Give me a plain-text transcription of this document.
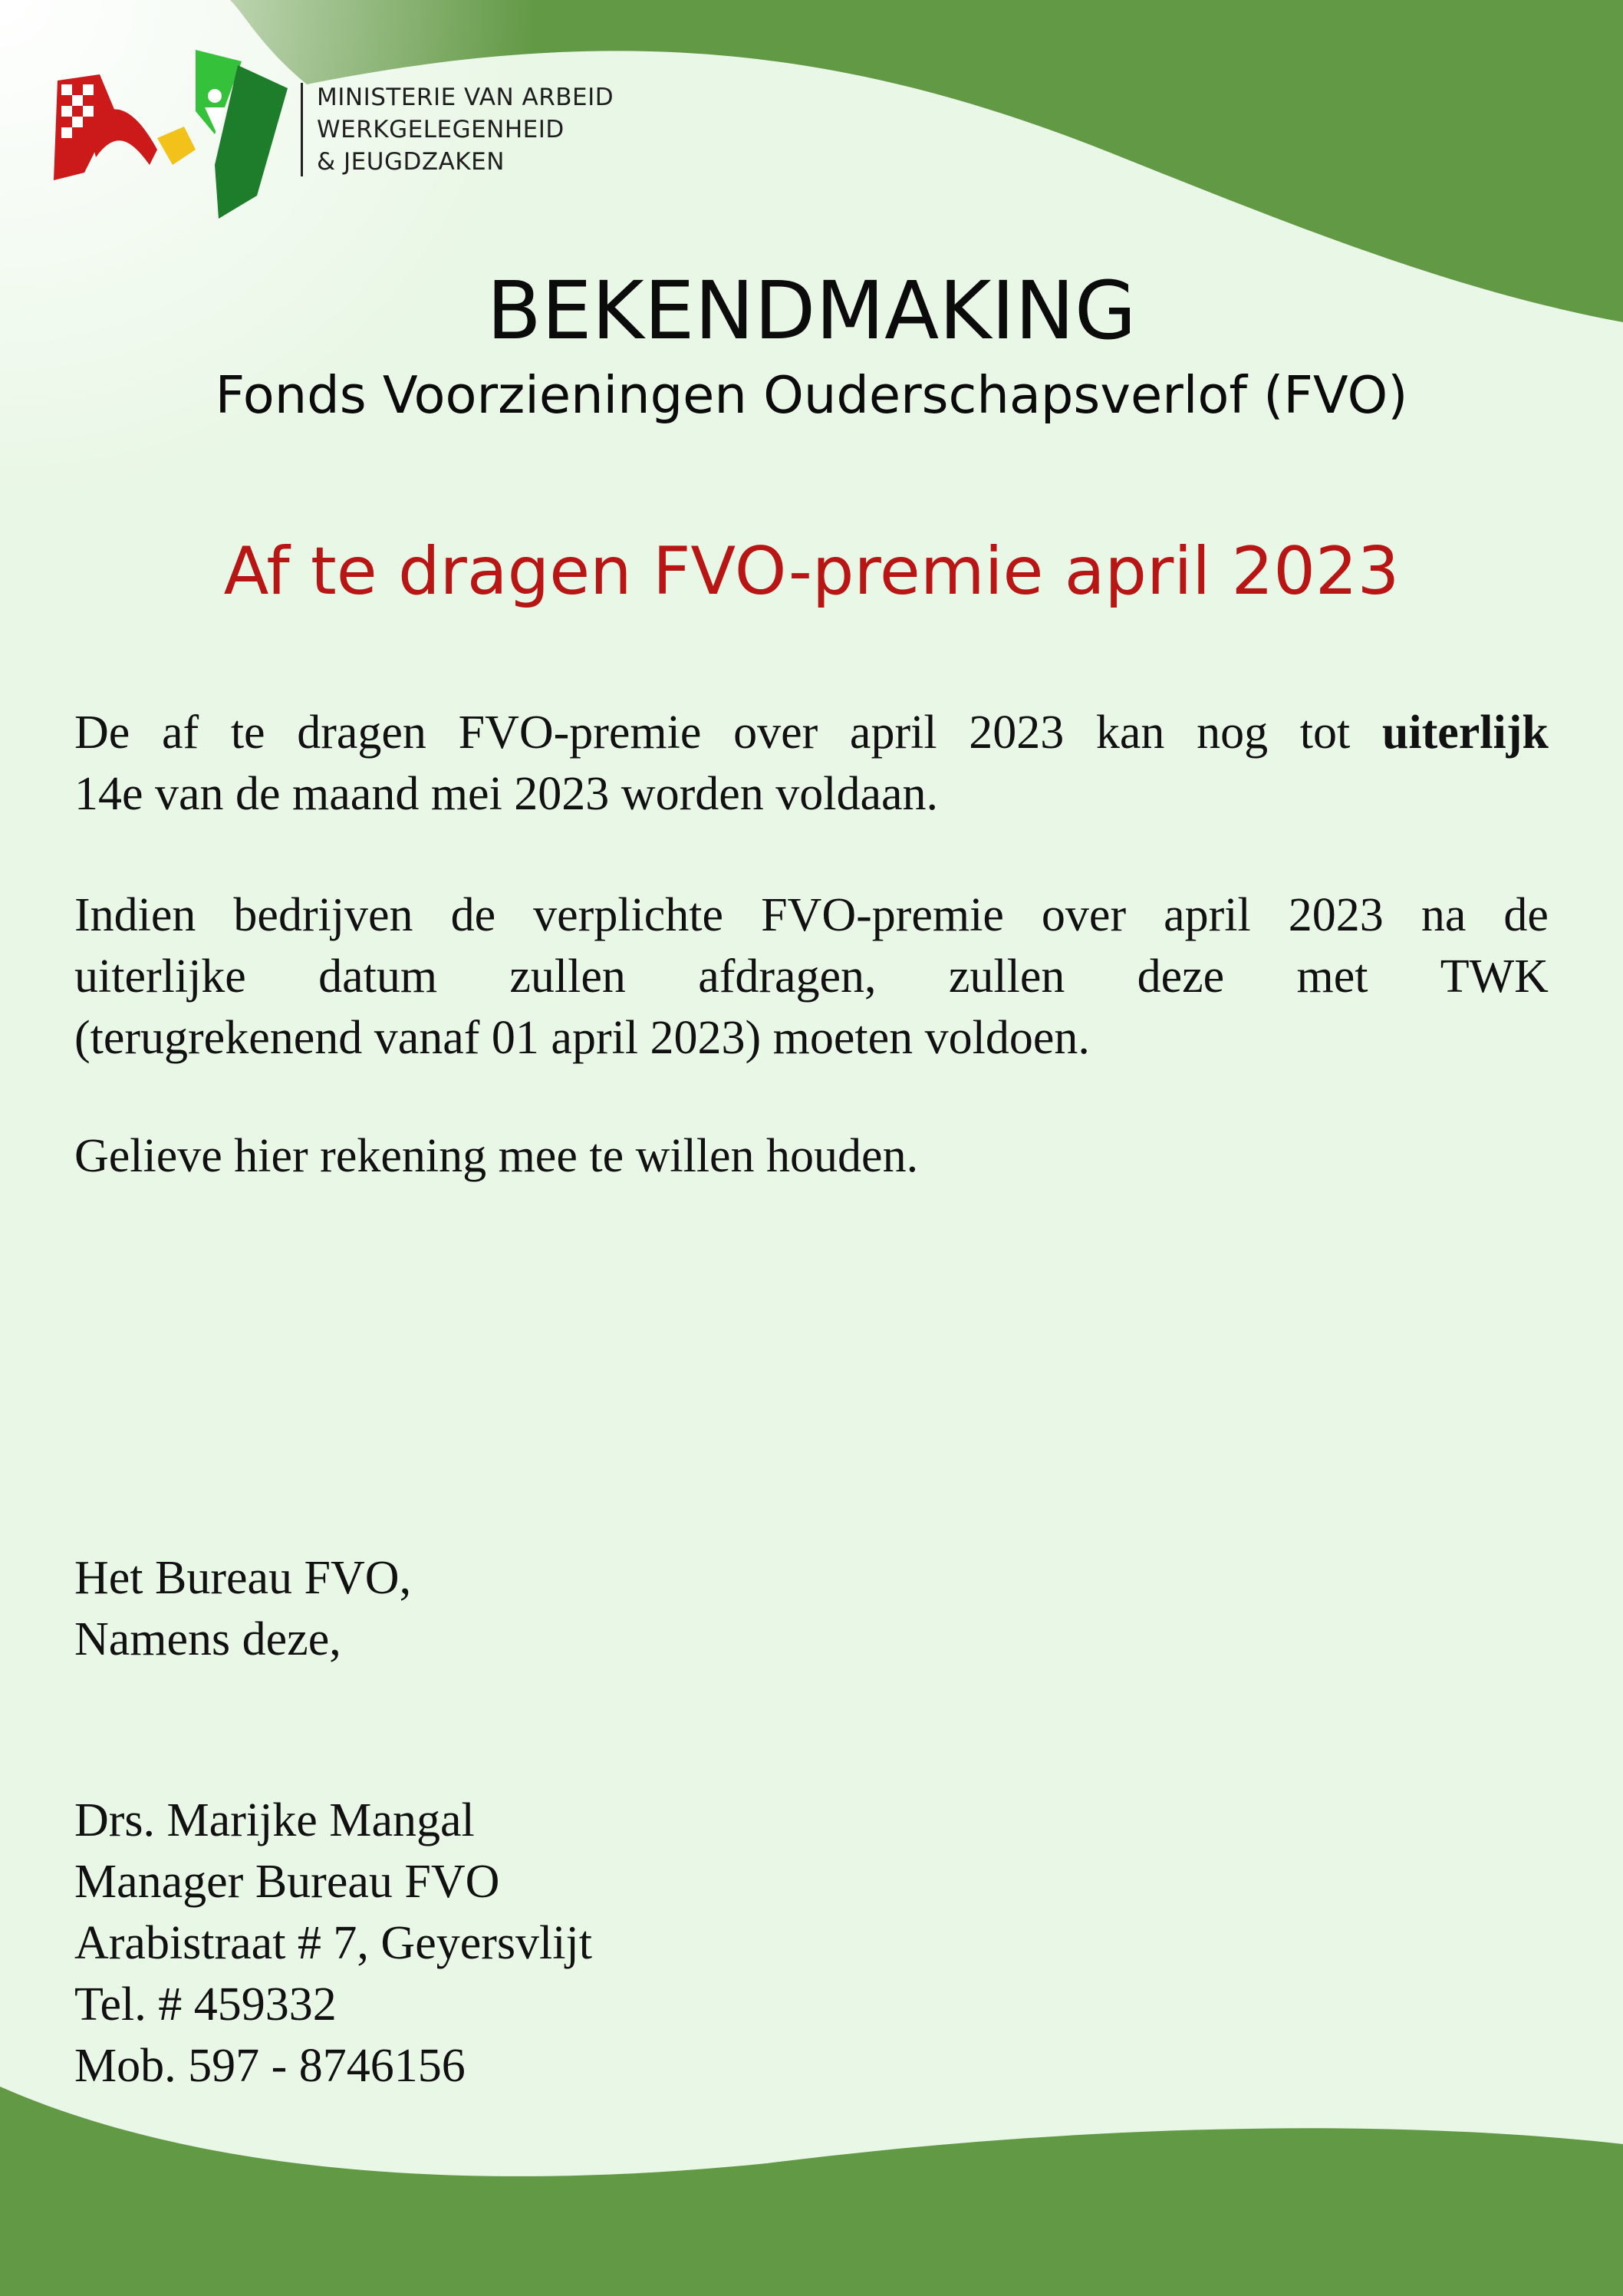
MINISTERIE VAN ARBEID
WERKGELEGENHEID
& JEUGDZAKEN
BEKENDMAKING
Fonds Voorzieningen Ouderschapsverlof (FVO)
Af te dragen FVO-premie april 2023
De af te dragen FVO-premie over april 2023 kan nog tot uiterlijk
14e van de maand mei 2023 worden voldaan.
Indien bedrijven de verplichte FVO-premie over april 2023 na de
uiterlijke datum zullen afdragen, zullen deze met TWK
(terugrekenend vanaf 01 april 2023) moeten voldoen.
Gelieve hier rekening mee te willen houden.
Het Bureau FVO,
Namens deze,
Drs. Marijke Mangal
Manager Bureau FVO
Arabistraat # 7, Geyersvlijt
Tel. # 459332
Mob. 597 - 8746156
